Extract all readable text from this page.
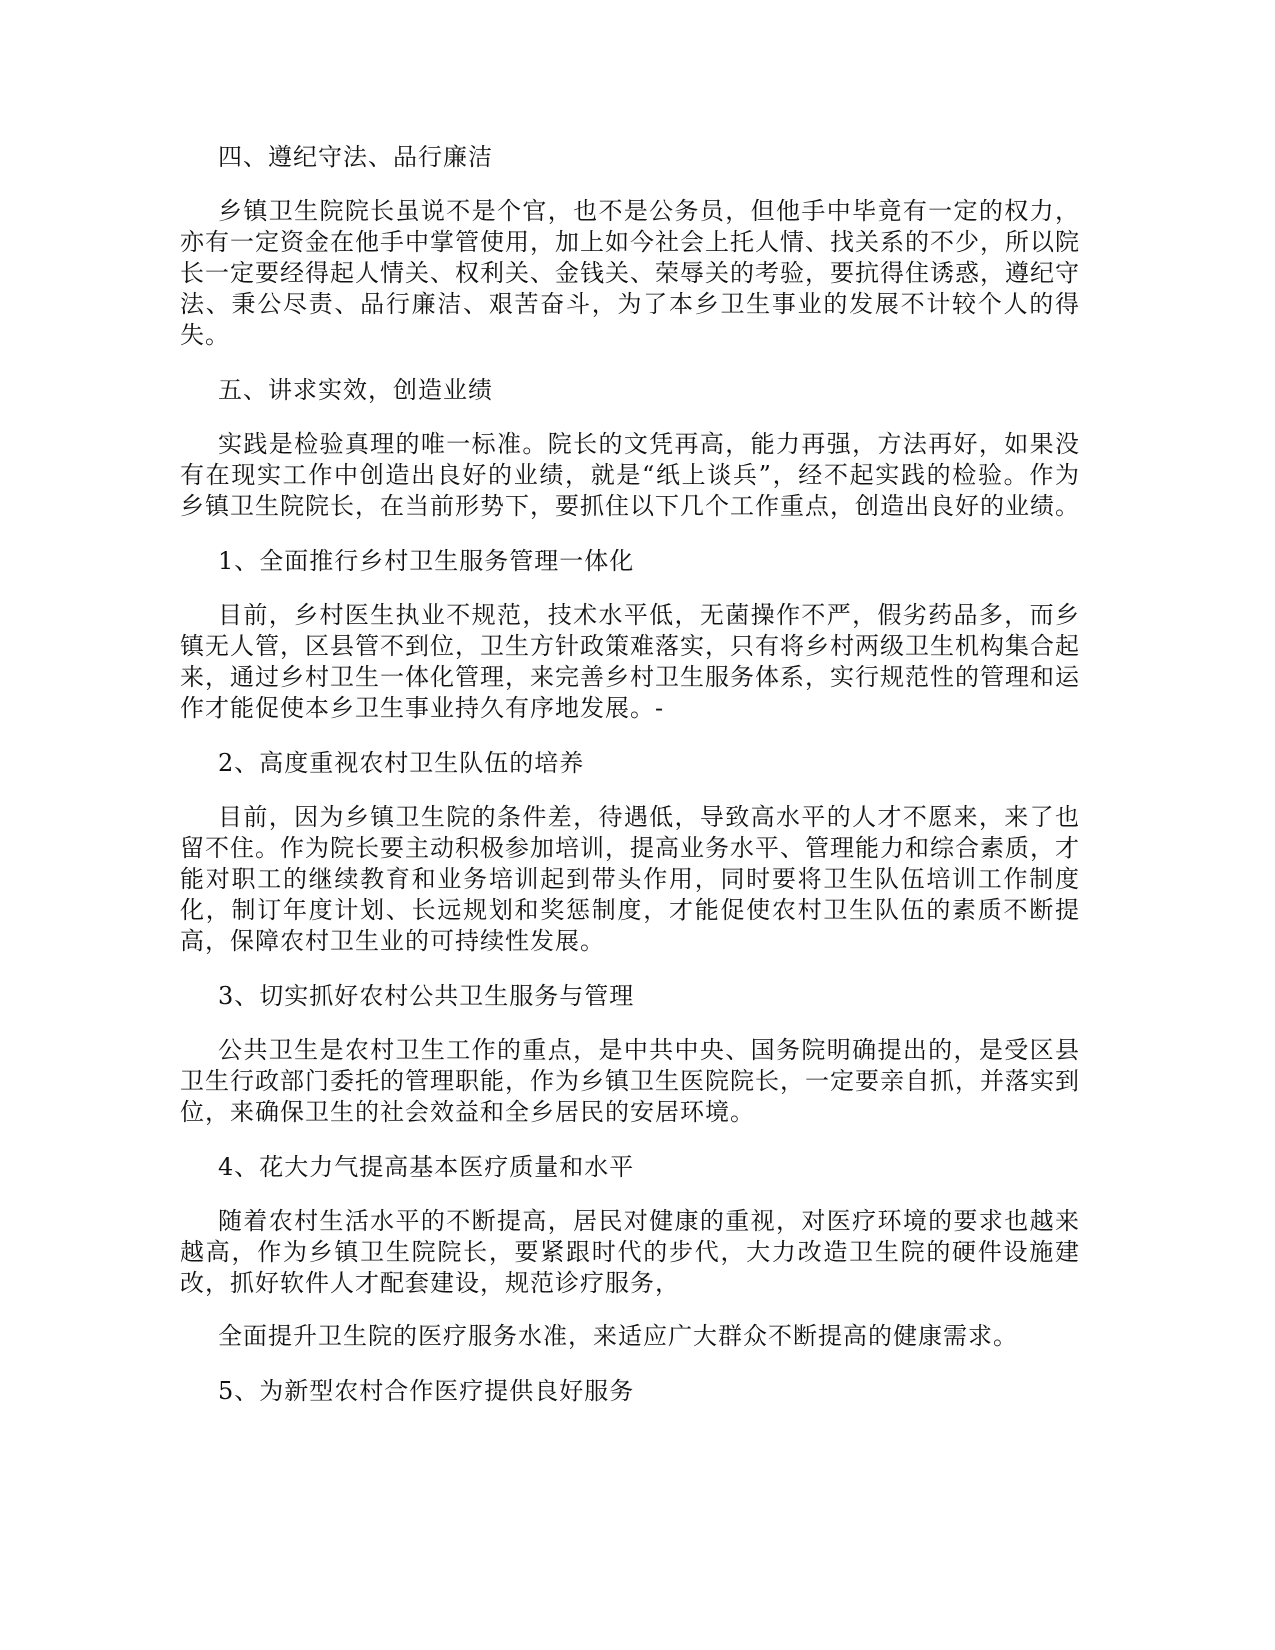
四、遵纪守法、品行廉洁
乡镇卫生院院长虽说不是个官，也不是公务员，但他手中毕竟有一定的权力，亦有一定资金在他手中掌管使用，加上如今社会上托人情、找关系的不少，所以院长一定要经得起人情关、权利关、金钱关、荣辱关的考验，要抗得住诱惑，遵纪守法、秉公尽责、品行廉洁、艰苦奋斗，为了本乡卫生事业的发展不计较个人的得失。
五、讲求实效，创造业绩
实践是检验真理的唯一标准。院长的文凭再高，能力再强，方法再好，如果没有在现实工作中创造出良好的业绩，就是“纸上谈兵”，经不起实践的检验。作为乡镇卫生院院长，在当前形势下，要抓住以下几个工作重点，创造出良好的业绩。
1、全面推行乡村卫生服务管理一体化
目前，乡村医生执业不规范，技术水平低，无菌操作不严，假劣药品多，而乡镇无人管，区县管不到位，卫生方针政策难落实，只有将乡村两级卫生机构集合起来，通过乡村卫生一体化管理，来完善乡村卫生服务体系，实行规范性的管理和运作才能促使本乡卫生事业持久有序地发展。-
2、高度重视农村卫生队伍的培养
目前，因为乡镇卫生院的条件差，待遇低，导致高水平的人才不愿来，来了也留不住。作为院长要主动积极参加培训，提高业务水平、管理能力和综合素质，才能对职工的继续教育和业务培训起到带头作用，同时要将卫生队伍培训工作制度化，制订年度计划、长远规划和奖惩制度，才能促使农村卫生队伍的素质不断提高，保障农村卫生业的可持续性发展。
3、切实抓好农村公共卫生服务与管理
公共卫生是农村卫生工作的重点，是中共中央、国务院明确提出的，是受区县卫生行政部门委托的管理职能，作为乡镇卫生医院院长，一定要亲自抓，并落实到位，来确保卫生的社会效益和全乡居民的安居环境。
4、花大力气提高基本医疗质量和水平
随着农村生活水平的不断提高，居民对健康的重视，对医疗环境的要求也越来越高，作为乡镇卫生院院长，要紧跟时代的步代，大力改造卫生院的硬件设施建改，抓好软件人才配套建设，规范诊疗服务，
全面提升卫生院的医疗服务水准，来适应广大群众不断提高的健康需求。
5、为新型农村合作医疗提供良好服务
